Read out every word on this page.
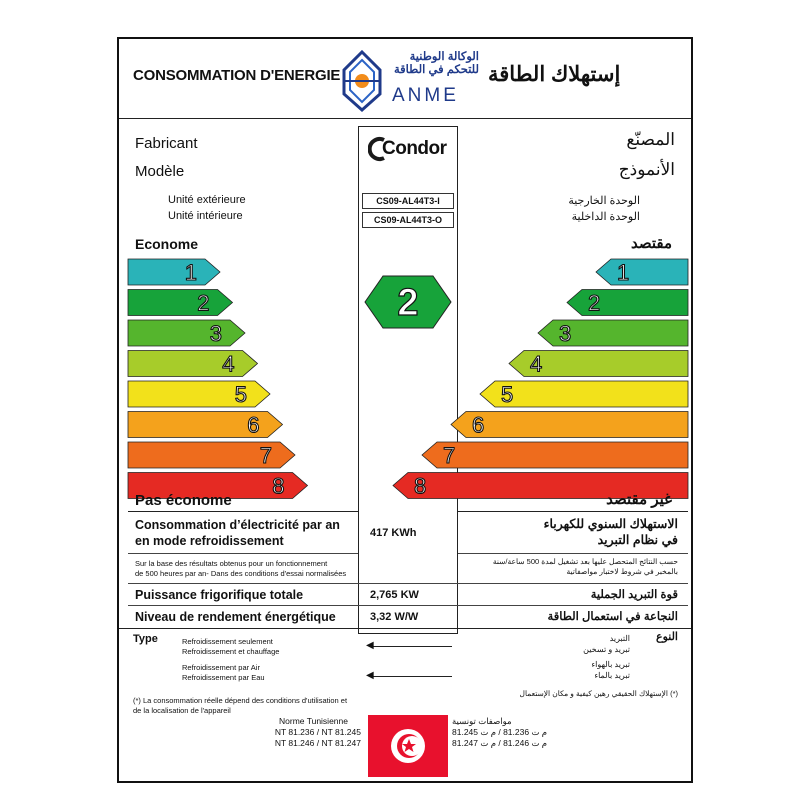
CONSOMMATION D'ENERGIE
الوكالة الوطنية
للتحكم في الطاقة
ANME
إستهلاك الطاقة
Condor
Fabricant	المصنّع
Modèle	الأنموذج
Unité extérieure	الوحدة الخارجية
CS09-AL44T3-I
Unité intérieure	الوحدة الداخلية
CS09-AL44T3-O
Econome	مقتصد
1	1
2	2
3	3
4	4
5	5
6	6
7	7
8	8
2
Pas économe	غير مقتصد
Consommation d’électricité par an
en mode refroidissement
417 KWh
الاستهلاك السنوي للكهرباء
في نظام التبريد
Sur la base des résultats obtenus pour un fonctionnement
de 500 heures par an- Dans des conditions d'essai normalisées
حسب النتائج المتحصل عليها بعد تشغيل لمدة 500 ساعة/سنة
بالمخبر في شروط لاختبار مواصفاتية
Puissance frigorifique totale	2,765 KW	قوة التبريد الجملية
Niveau de rendement énergétique	3,32 W/W	النجاعة في استعمال الطاقة
Type	النوع
Refroidissement seulement
Refroidissement et chauffage
التبريد
تبريد و تسخين
◀
Refroidissement par Air
Refroidissement par Eau
تبريد بالهواء
تبريد بالماء
◀
(*) La consommation réelle dépend des conditions d'utilisation et
de la localisation de l'appareil
(*) الإستهلاك الحقيقي رهين كيفية و مكان الإستعمال
Norme Tunisienne
NT 81.236 / NT 81.245
NT 81.246 / NT 81.247
مواصفات تونسية
م ت 81.236 / م ت 81.245
م ت 81.246 / م ت 81.247
